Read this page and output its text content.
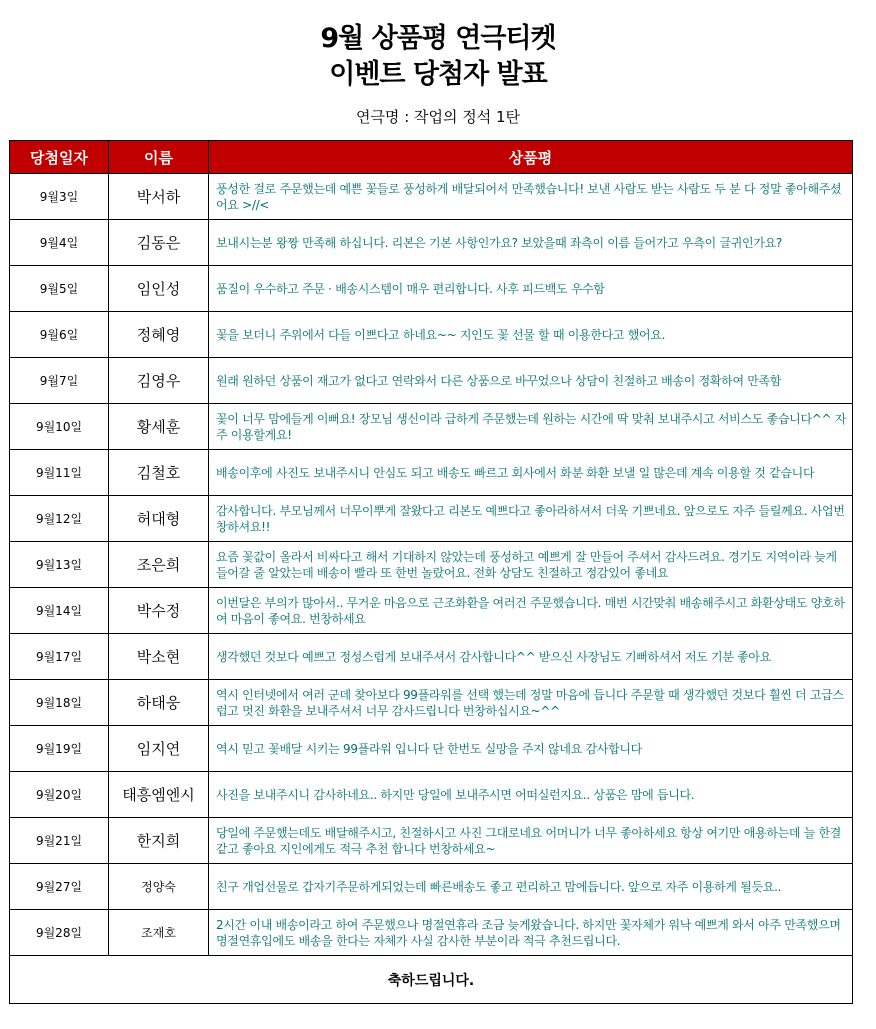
9월 상품평 연극티켓
이벤트 당첨자 발표
연극명 : 작업의 정석 1탄
당첨일자	이름	상품평
9월3일	박서하	풍성한 걸로 주문했는데 예쁜 꽃들로 풍성하게 배달되어서 만족했습니다! 보낸 사람도 받는 사람도 두 분 다 정말 좋아해주셨어요 >//<
9월4일	김동은	보내시는분 왕짱 만족해 하십니다. 리본은 기본 사항인가요? 보았을때 좌측이 이름 들어가고 우측이 글귀인가요?
9월5일	임인성	품질이 우수하고 주문 · 배송시스템이 매우 편리합니다. 사후 피드백도 우수함
9월6일	정혜영	꽃을 보더니 주위에서 다들 이쁘다고 하네요~~ 지인도 꽃 선물 할 때 이용한다고 했어요.
9월7일	김영우	원래 원하던 상품이 재고가 없다고 연락와서 다른 상품으로 바꾸었으나 상담이 친절하고 배송이 정확하여 만족함
9월10일	황세훈	꽃이 너무 맘에들게 이뻐요! 장모님 생신이라 급하게 주문했는데 원하는 시간에 딱 맞춰 보내주시고 서비스도 좋습니다^^ 자주 이용할게요!
9월11일	김철호	배송이후에 사진도 보내주시니 안심도 되고 배송도 빠르고 회사에서 화분 화환 보낼 일 많은데 계속 이용할 것 같습니다
9월12일	허대형	감사합니다. 부모님께서 너무이뿌게 잘왔다고 리본도 예쁘다고 좋아라하셔서 더욱 기쁘네요. 앞으로도 자주 들릴께요. 사업번창하셔요!!
9월13일	조은희	요즘 꽃값이 올라서 비싸다고 해서 기대하지 않았는데 풍성하고 예쁘게 잘 만들어 주셔서 감사드려요. 경기도 지역이라 늦게 들어갈 줄 알았는데 배송이 빨라 또 한번 놀랐어요. 전화 상담도 친절하고 정감있어 좋네요
9월14일	박수정	이번달은 부의가 많아서.. 무거운 마음으로 근조화환을 여러건 주문했습니다. 매번 시간맞춰 배송해주시고 화환상태도 양호하여 마음이 좋여요. 번창하세요
9월17일	박소현	생각했던 것보다 예쁘고 정성스럽게 보내주셔서 감사합니다^^ 받으신 사장님도 기뻐하셔서 저도 기분 좋아요
9월18일	하태웅	역시 인터넷에서 여러 군데 찾아보다 99플라워를 선택 했는데 정말 마음에 듭니다 주문할 때 생각했던 것보다 훨씬 더 고급스럽고 멋진 화환을 보내주셔서 너무 감사드립니다 번창하십시요~^^
9월19일	임지연	역시 믿고 꽃배달 시키는 99플라워 입니다 단 한번도 실망을 주지 않네요 감사합니다
9월20일	태흥엠엔시	사진을 보내주시니 감사하네요.. 하지만 당일에 보내주시면 어떠실런지요.. 상품은 맘에 듭니다.
9월21일	한지희	당일에 주문했는데도 배달해주시고, 친절하시고 사진 그대로네요 어머니가 너무 좋아하세요 항상 여기만 애용하는데 늘 한결같고 좋아요 지인에게도 적극 추천 합니다 번창하세요~
9월27일	정양숙	친구 개업선물로 갑자기주문하게되었는데 빠른배송도 좋고 편리하고 맘에듭니다. 앞으로 자주 이용하게 될듯요..
9월28일	조재호	2시간 이내 배송이라고 하여 주문했으나 명절연휴라 조금 늦게왔습니다. 하지만 꽃자체가 워낙 예쁘게 와서 아주 만족했으며 명절연휴입에도 배송을 한다는 자체가 사실 감사한 부분이라 적극 추천드립니다.
축하드립니다.		
